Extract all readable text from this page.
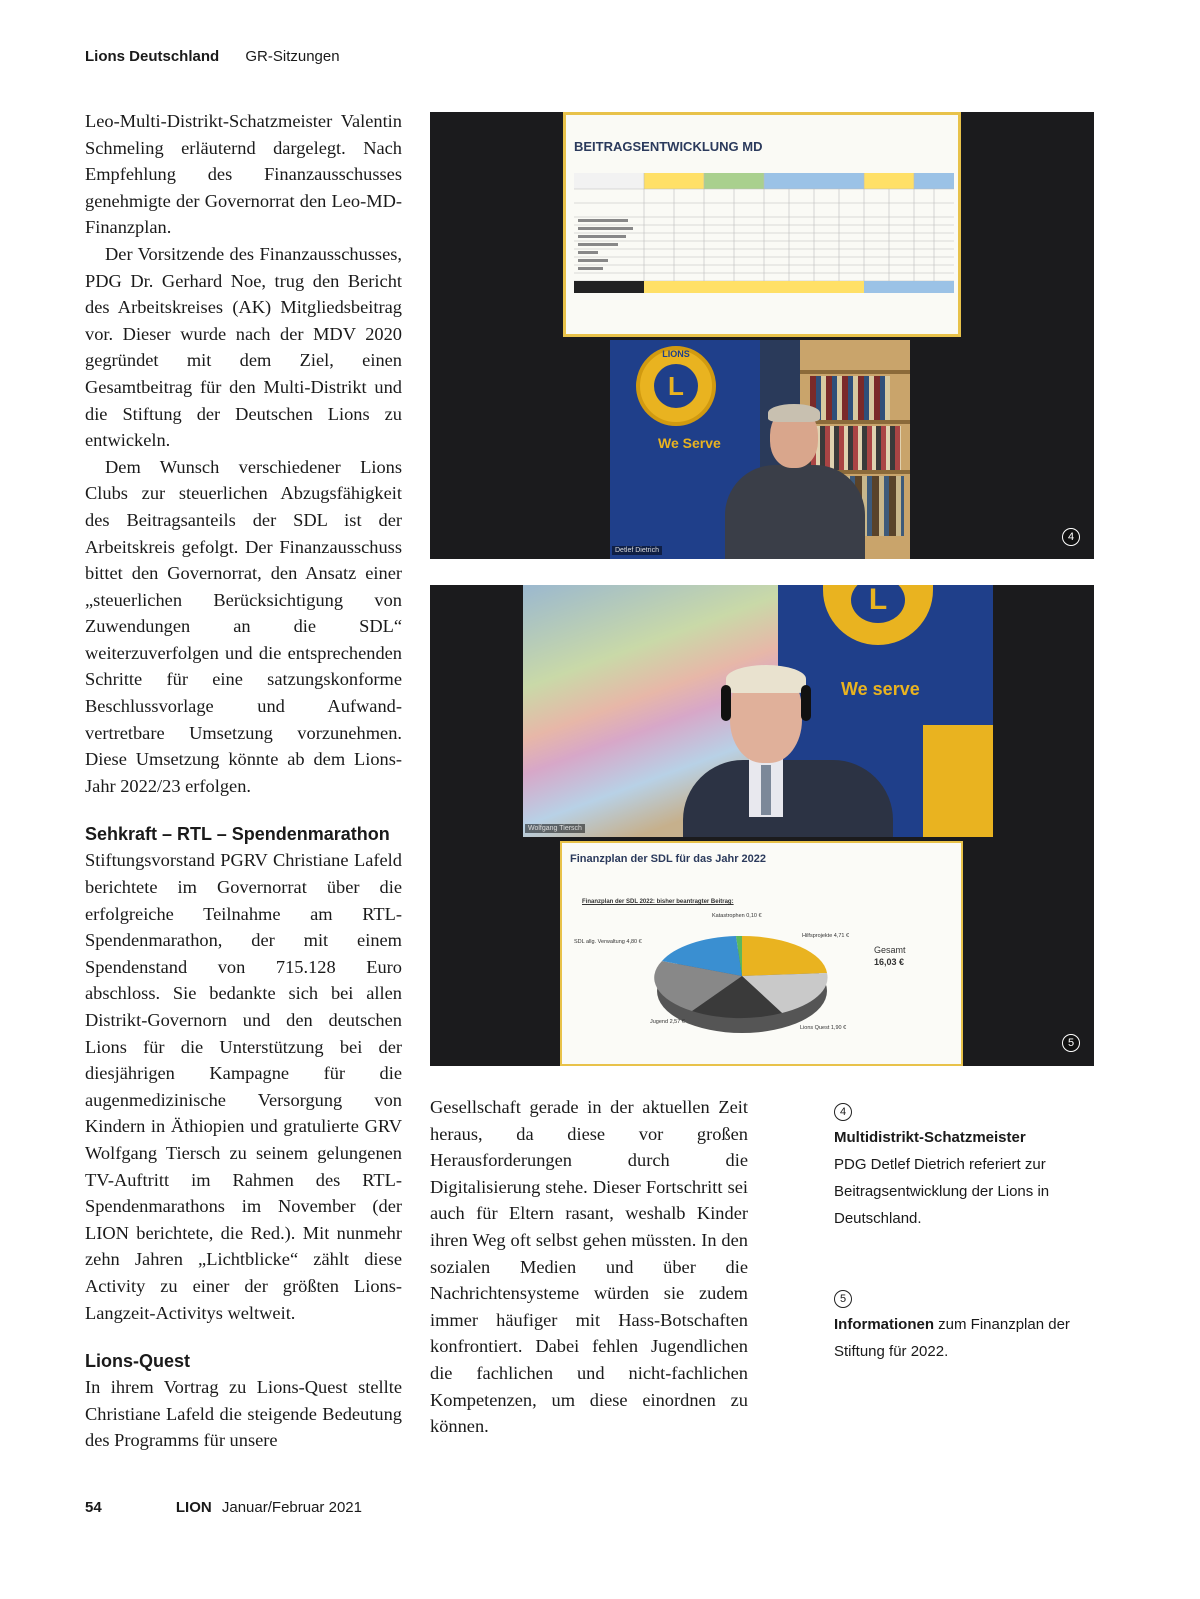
Lions Deutschland GR-Sitzungen

Leo-Multi-Distrikt-Schatzmeister Valentin Schmeling erläuternd dargelegt. Nach Empfehlung des Finanzausschusses genehmigte der Governorrat den Leo-MD-Finanzplan.

Der Vorsitzende des Finanzausschusses, PDG Dr. Gerhard Noe, trug den Bericht des Arbeitskreises (AK) Mitgliedsbeitrag vor. Dieser wurde nach der MDV 2020 gegründet mit dem Ziel, einen Gesamtbeitrag für den Multi-Distrikt und die Stiftung der Deutschen Lions zu entwickeln.

Dem Wunsch verschiedener Lions Clubs zur steuerlichen Abzugsfähigkeit des Beitragsanteils der SDL ist der Arbeitskreis gefolgt. Der Finanzausschuss bittet den Governorrat, den Ansatz einer „steuerlichen Berücksichtigung von Zuwendungen an die SDL“ weiterzuverfolgen und die entsprechenden Schritte für eine satzungskonforme Beschlussvorlage und Aufwand-vertretbare Umsetzung vorzunehmen. Diese Umsetzung könnte ab dem Lions-Jahr 2022/23 erfolgen.

Sehkraft – RTL – Spendenmarathon

Stiftungsvorstand PGRV Christiane Lafeld berichtete im Governorrat über die erfolgreiche Teilnahme am RTL-Spendenmarathon, der mit einem Spendenstand von 715.128 Euro abschloss. Sie bedankte sich bei allen Distrikt-Governorn und den deutschen Lions für die Unterstützung bei der diesjährigen Kampagne für die augenmedizinische Versorgung von Kindern in Äthiopien und gratulierte GRV Wolfgang Tiersch zu seinem gelungenen TV-Auftritt im Rahmen des RTL-Spendenmarathons im November (der LION berichtete, die Red.). Mit nunmehr zehn Jahren „Lichtblicke“ zählt diese Activity zu einer der größten Lions-Langzeit-Activitys weltweit.

Lions-Quest

In ihrem Vortrag zu Lions-Quest stellte Christiane Lafeld die steigende Bedeutung des Programms für unsere

BEITRAGSENTWICKLUNG MD
L
LIONS
We Serve
Detlef Dietrich
4
L
We serve
Wolfgang Tiersch
Finanzplan der SDL für das Jahr 2022
Finanzplan der SDL 2022: bisher beantragter Beitrag:
SDL allg. Verwaltung 4,80 €
Katastrophen 0,10 €
Hilfsprojekte 4,71 €
Lions Quest 1,90 €
Jugend 2,57 €
Gesamt
16,03 €
5

Gesellschaft gerade in der aktuellen Zeit heraus, da diese vor großen Herausforderungen durch die Digitalisierung stehe. Dieser Fortschritt sei auch für Eltern rasant, weshalb Kinder ihren Weg oft selbst gehen müssten. In den sozialen Medien und über die Nachrichtensysteme würden sie zudem immer häufiger mit Hass-Botschaften konfrontiert. Dabei fehlen Jugendlichen die fachlichen und nicht-fachlichen Kompetenzen, um diese einordnen zu können.

4
Multidistrikt-Schatzmeister
PDG Detlef Dietrich referiert zur Beitragsentwicklung der Lions in Deutschland.
5
Informationen zum Finanzplan der Stiftung für 2022.
54	LION Januar/Februar 2021
